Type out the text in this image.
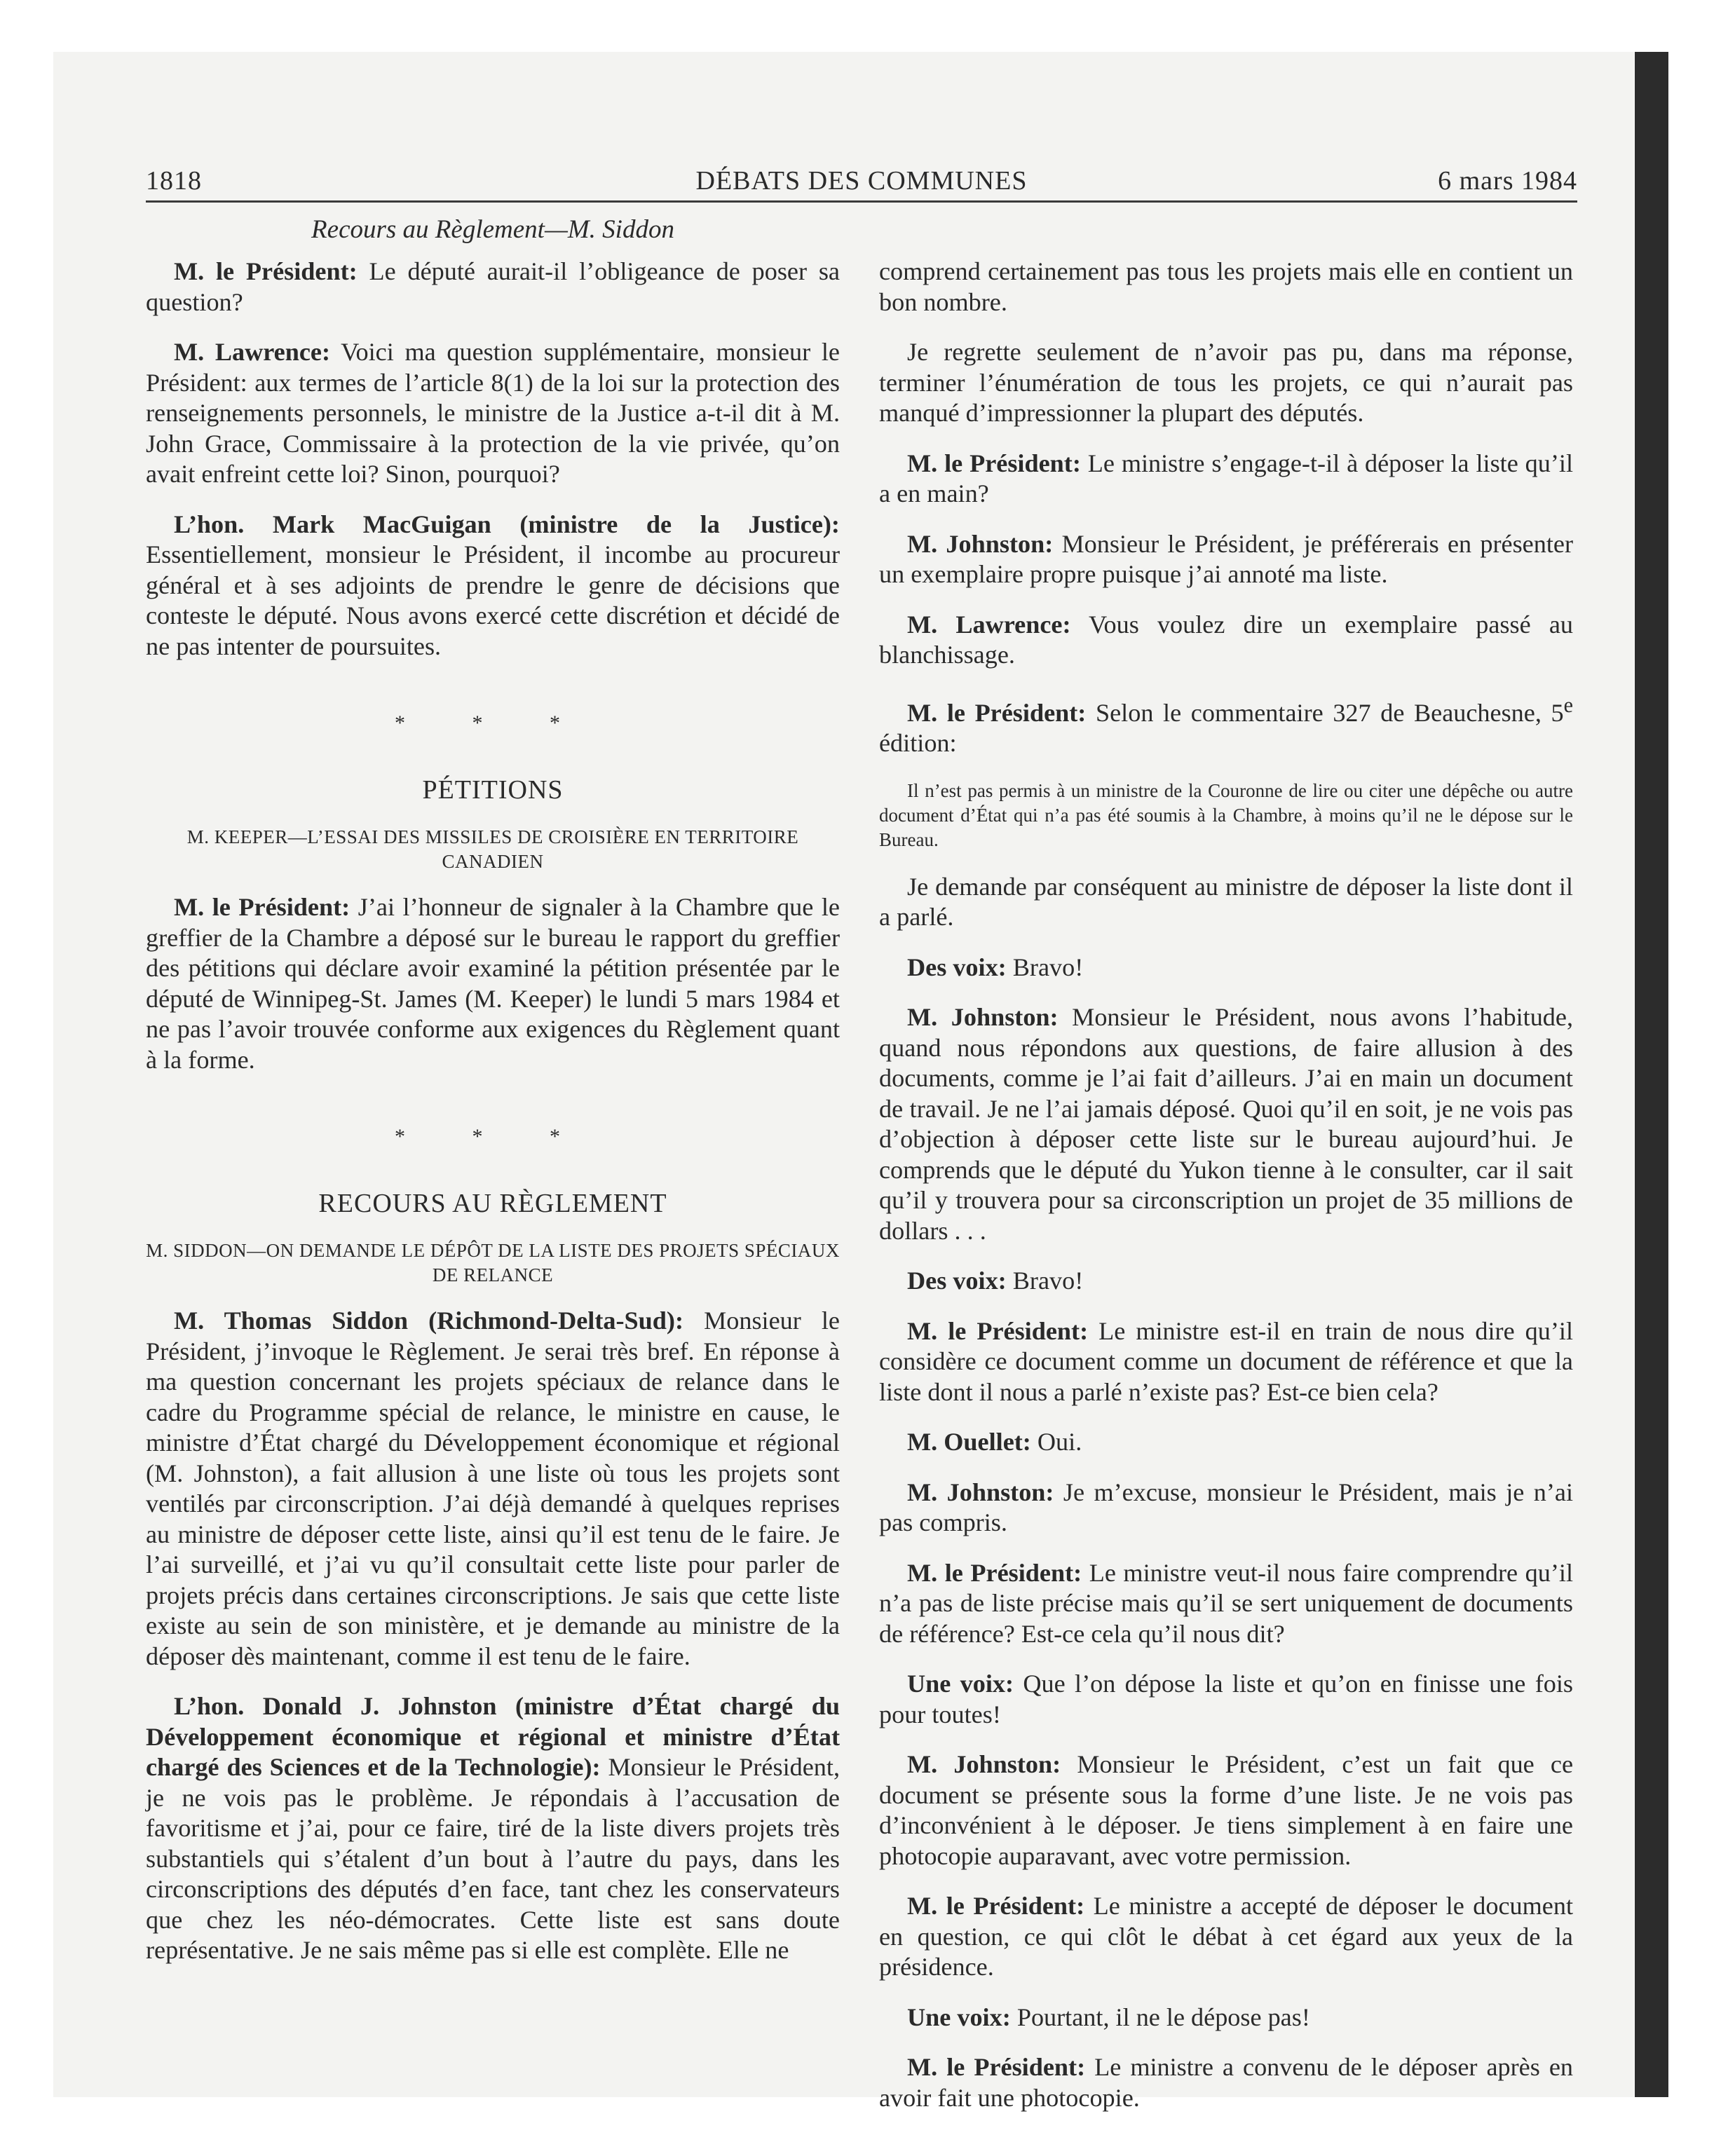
1818	DÉBATS DES COMMUNES	6 mars 1984
Recours au Règlement—M. Siddon

M. le Président: Le député aurait-il l’obligeance de poser sa question?

M. Lawrence: Voici ma question supplémentaire, monsieur le Président: aux termes de l’article 8(1) de la loi sur la protection des renseignements personnels, le ministre de la Justice a-t-il dit à M. John Grace, Commissaire à la protection de la vie privée, qu’on avait enfreint cette loi? Sinon, pourquoi?

L’hon. Mark MacGuigan (ministre de la Justice): Essentiellement, monsieur le Président, il incombe au procureur général et à ses adjoints de prendre le genre de décisions que conteste le député. Nous avons exercé cette discrétion et décidé de ne pas intenter de poursuites.

* * *
PÉTITIONS
M. KEEPER—L’ESSAI DES MISSILES DE CROISIÈRE EN TERRITOIRE CANADIEN

M. le Président: J’ai l’honneur de signaler à la Chambre que le greffier de la Chambre a déposé sur le bureau le rapport du greffier des pétitions qui déclare avoir examiné la pétition présentée par le député de Winnipeg-St. James (M. Keeper) le lundi 5 mars 1984 et ne pas l’avoir trouvée conforme aux exigences du Règlement quant à la forme.

* * *
RECOURS AU RÈGLEMENT
M. SIDDON—ON DEMANDE LE DÉPÔT DE LA LISTE DES PROJETS SPÉCIAUX DE RELANCE

M. Thomas Siddon (Richmond-Delta-Sud): Monsieur le Président, j’invoque le Règlement. Je serai très bref. En réponse à ma question concernant les projets spéciaux de relance dans le cadre du Programme spécial de relance, le ministre en cause, le ministre d’État chargé du Développement économique et régional (M. Johnston), a fait allusion à une liste où tous les projets sont ventilés par circonscription. J’ai déjà demandé à quelques reprises au ministre de déposer cette liste, ainsi qu’il est tenu de le faire. Je l’ai surveillé, et j’ai vu qu’il consultait cette liste pour parler de projets précis dans certaines circonscriptions. Je sais que cette liste existe au sein de son ministère, et je demande au ministre de la déposer dès maintenant, comme il est tenu de le faire.

L’hon. Donald J. Johnston (ministre d’État chargé du Développement économique et régional et ministre d’État chargé des Sciences et de la Technologie): Monsieur le Président, je ne vois pas le problème. Je répondais à l’accusation de favoritisme et j’ai, pour ce faire, tiré de la liste divers projets très substantiels qui s’étalent d’un bout à l’autre du pays, dans les circonscriptions des députés d’en face, tant chez les conservateurs que chez les néo-démocrates. Cette liste est sans doute représentative. Je ne sais même pas si elle est complète. Elle ne

comprend certainement pas tous les projets mais elle en contient un bon nombre.

Je regrette seulement de n’avoir pas pu, dans ma réponse, terminer l’énumération de tous les projets, ce qui n’aurait pas manqué d’impressionner la plupart des députés.

M. le Président: Le ministre s’engage-t-il à déposer la liste qu’il a en main?

M. Johnston: Monsieur le Président, je préférerais en présenter un exemplaire propre puisque j’ai annoté ma liste.

M. Lawrence: Vous voulez dire un exemplaire passé au blanchissage.

M. le Président: Selon le commentaire 327 de Beauchesne, 5e édition:

Il n’est pas permis à un ministre de la Couronne de lire ou citer une dépêche ou autre document d’État qui n’a pas été soumis à la Chambre, à moins qu’il ne le dépose sur le Bureau.

Je demande par conséquent au ministre de déposer la liste dont il a parlé.

Des voix: Bravo!

M. Johnston: Monsieur le Président, nous avons l’habitude, quand nous répondons aux questions, de faire allusion à des documents, comme je l’ai fait d’ailleurs. J’ai en main un document de travail. Je ne l’ai jamais déposé. Quoi qu’il en soit, je ne vois pas d’objection à déposer cette liste sur le bureau aujourd’hui. Je comprends que le député du Yukon tienne à le consulter, car il sait qu’il y trouvera pour sa circonscription un projet de 35 millions de dollars . . .

Des voix: Bravo!

M. le Président: Le ministre est-il en train de nous dire qu’il considère ce document comme un document de référence et que la liste dont il nous a parlé n’existe pas? Est-ce bien cela?

M. Ouellet: Oui.

M. Johnston: Je m’excuse, monsieur le Président, mais je n’ai pas compris.

M. le Président: Le ministre veut-il nous faire comprendre qu’il n’a pas de liste précise mais qu’il se sert uniquement de documents de référence? Est-ce cela qu’il nous dit?

Une voix: Que l’on dépose la liste et qu’on en finisse une fois pour toutes!

M. Johnston: Monsieur le Président, c’est un fait que ce document se présente sous la forme d’une liste. Je ne vois pas d’inconvénient à le déposer. Je tiens simplement à en faire une photocopie auparavant, avec votre permission.

M. le Président: Le ministre a accepté de déposer le document en question, ce qui clôt le débat à cet égard aux yeux de la présidence.

Une voix: Pourtant, il ne le dépose pas!

M. le Président: Le ministre a convenu de le déposer après en avoir fait une photocopie.
